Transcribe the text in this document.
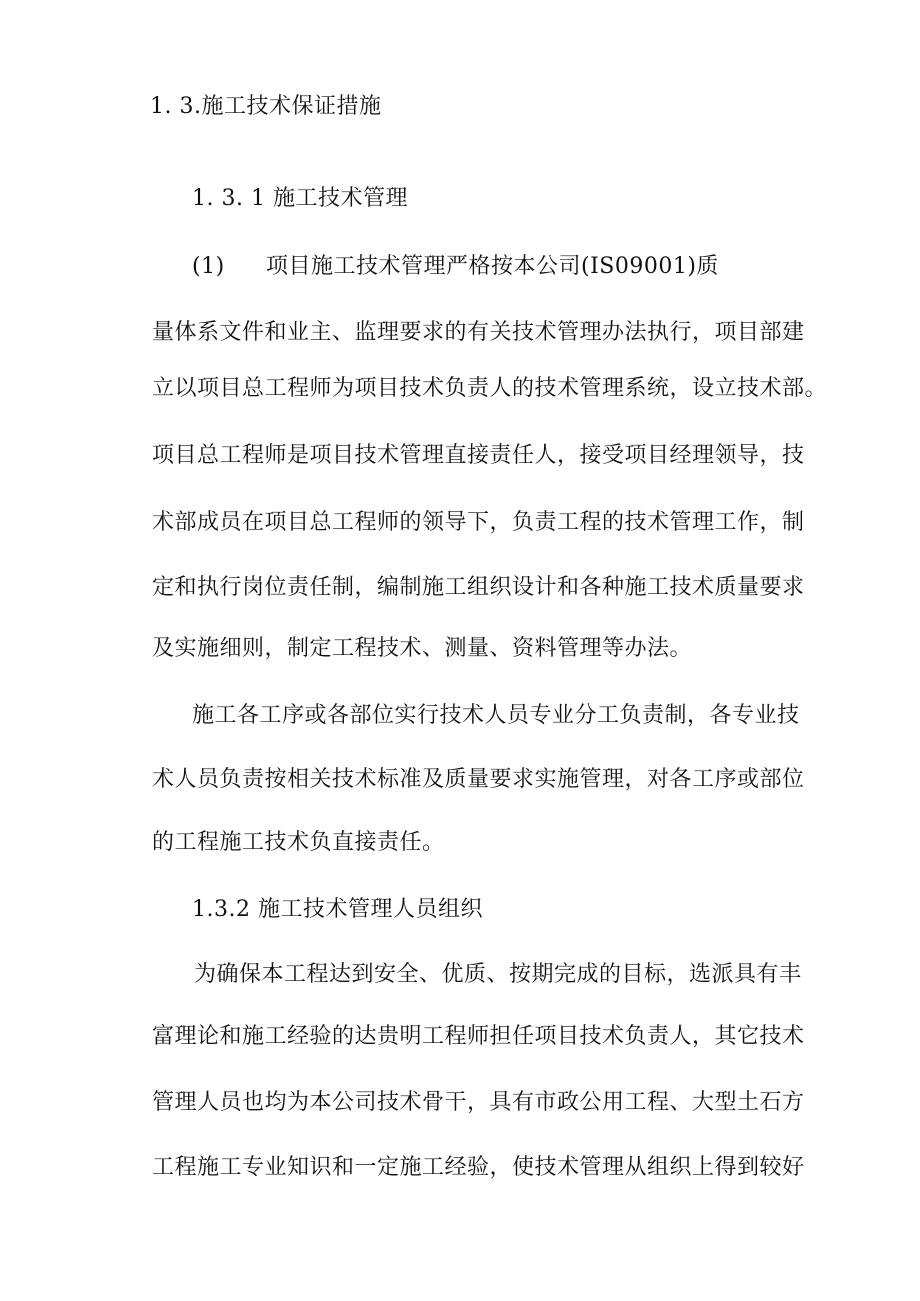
1. 3.施工技术保证措施
1. 3. 1 施工技术管理
(1) 项目施工技术管理严格按本公司(IS09001)质
量体系文件和业主、监理要求的有关技术管理办法执行，项目部建
立以项目总工程师为项目技术负责人的技术管理系统，设立技术部。
项目总工程师是项目技术管理直接责任人，接受项目经理领导，技
术部成员在项目总工程师的领导下，负责工程的技术管理工作，制
定和执行岗位责任制，编制施工组织设计和各种施工技术质量要求
及实施细则，制定工程技术、测量、资料管理等办法。
施工各工序或各部位实行技术人员专业分工负责制，各专业技
术人员负责按相关技术标准及质量要求实施管理，对各工序或部位
的工程施工技术负直接责任。
1.3.2 施工技术管理人员组织
为确保本工程达到安全、优质、按期完成的目标，选派具有丰
富理论和施工经验的达贵明工程师担任项目技术负责人，其它技术
管理人员也均为本公司技术骨干，具有市政公用工程、大型土石方
工程施工专业知识和一定施工经验，使技术管理从组织上得到较好
